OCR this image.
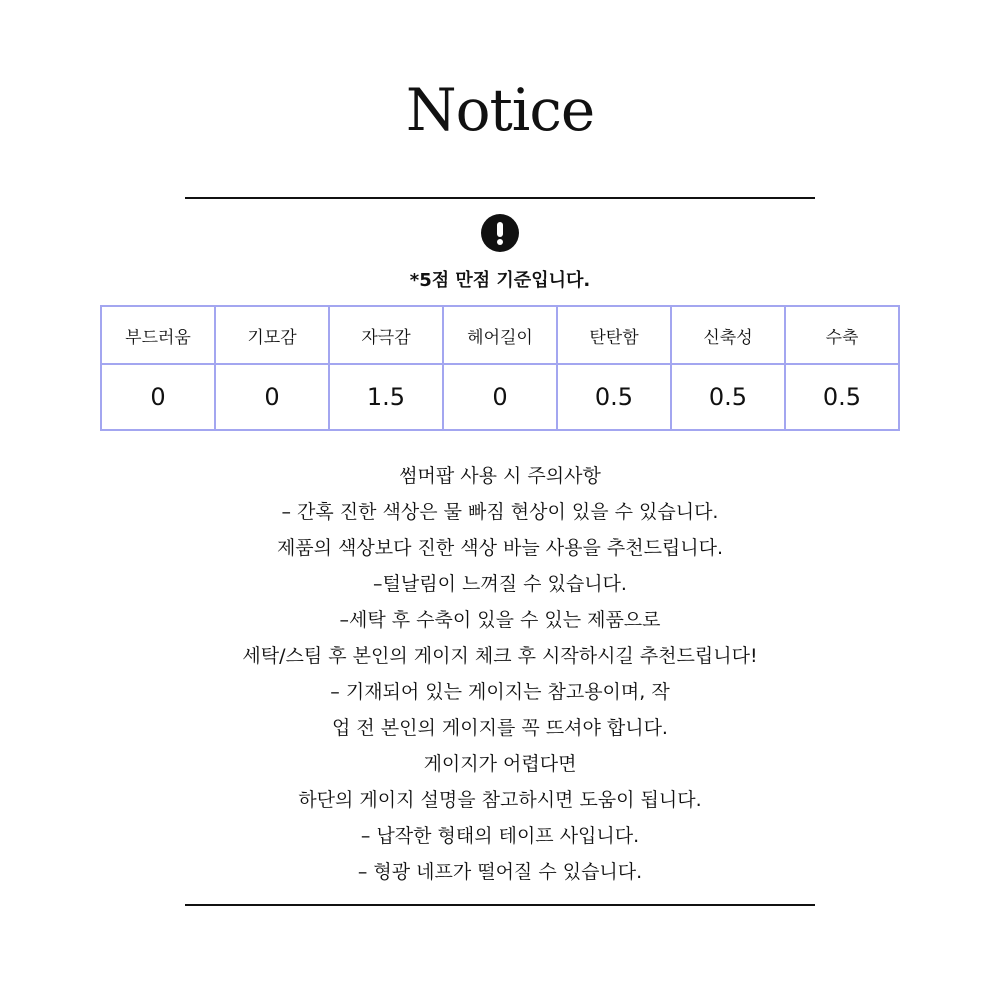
Notice
*5점 만점 기준입니다.
부드러움	기모감	자극감	헤어길이	탄탄함	신축성	수축
0	0	1.5	0	0.5	0.5	0.5
썸머팝 사용 시 주의사항
– 간혹 진한 색상은 물 빠짐 현상이 있을 수 있습니다.
제품의 색상보다 진한 색상 바늘 사용을 추천드립니다.
–털날림이 느껴질 수 있습니다.
–세탁 후 수축이 있을 수 있는 제품으로
세탁/스팀 후 본인의 게이지 체크 후 시작하시길 추천드립니다!
– 기재되어 있는 게이지는 참고용이며, 작
업 전 본인의 게이지를 꼭 뜨셔야 합니다.
게이지가 어렵다면
하단의 게이지 설명을 참고하시면 도움이 됩니다.
– 납작한 형태의 테이프 사입니다.
– 형광 네프가 떨어질 수 있습니다.
